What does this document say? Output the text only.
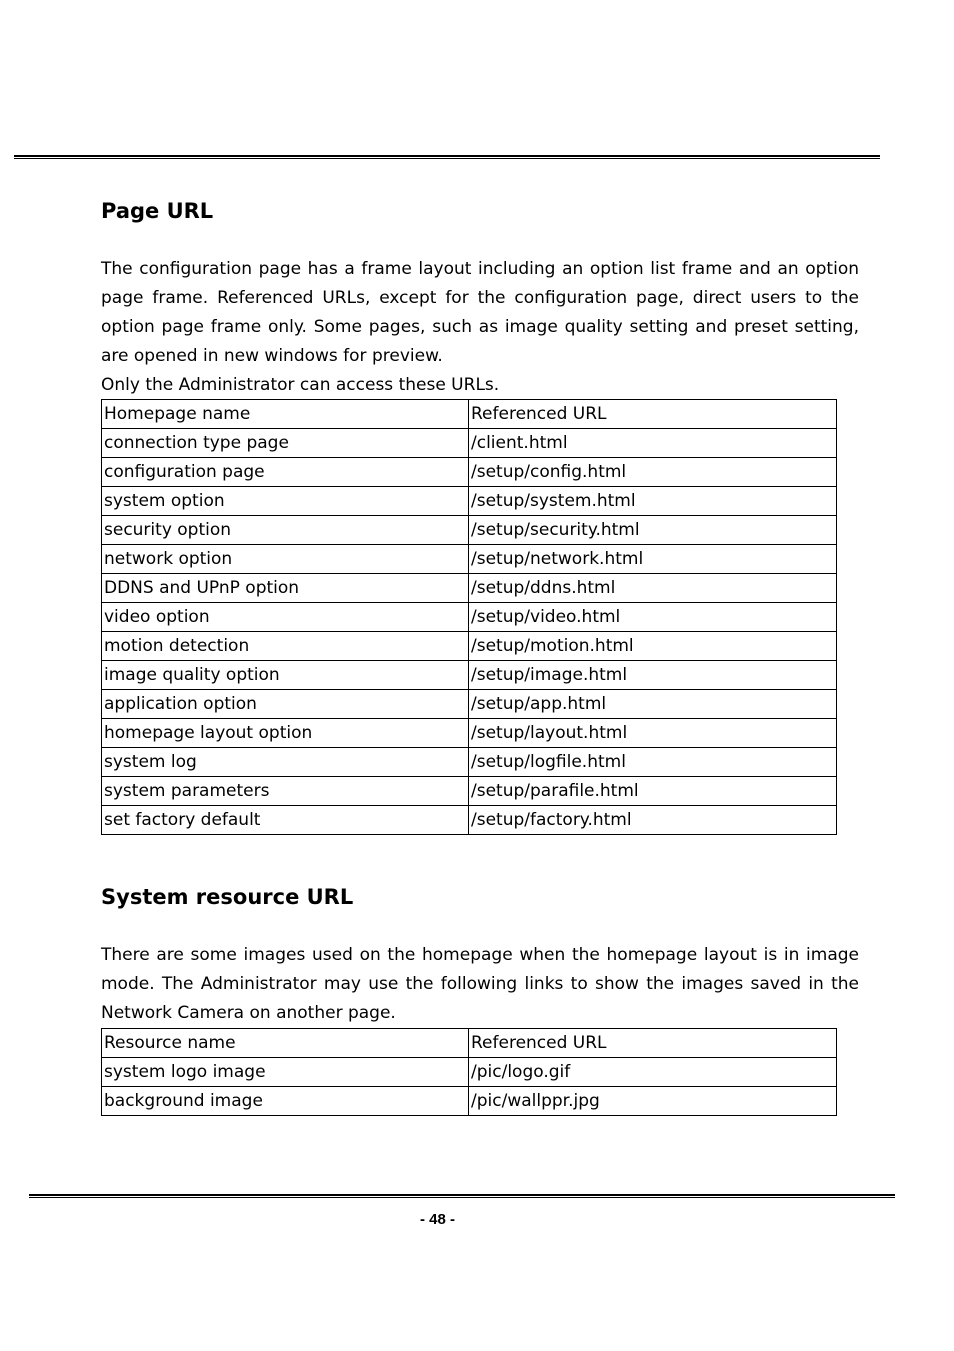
Page URL

The configuration page has a frame layout including an option list frame and an option
page frame. Referenced URLs, except for the configuration page, direct users to the
option page frame only. Some pages, such as image quality setting and preset setting,
are opened in new windows for preview.
Only the Administrator can access these URLs.

Homepage name	Referenced URL
connection type page	/client.html
configuration page	/setup/config.html
system option	/setup/system.html
security option	/setup/security.html
network option	/setup/network.html
DDNS and UPnP option	/setup/ddns.html
video option	/setup/video.html
motion detection	/setup/motion.html
image quality option	/setup/image.html
application option	/setup/app.html
homepage layout option	/setup/layout.html
system log	/setup/logfile.html
system parameters	/setup/parafile.html
set factory default	/setup/factory.html
System resource URL

There are some images used on the homepage when the homepage layout is in image
mode. The Administrator may use the following links to show the images saved in the
Network Camera on another page.

Resource name	Referenced URL
system logo image	/pic/logo.gif
background image	/pic/wallppr.jpg
- 48 -
